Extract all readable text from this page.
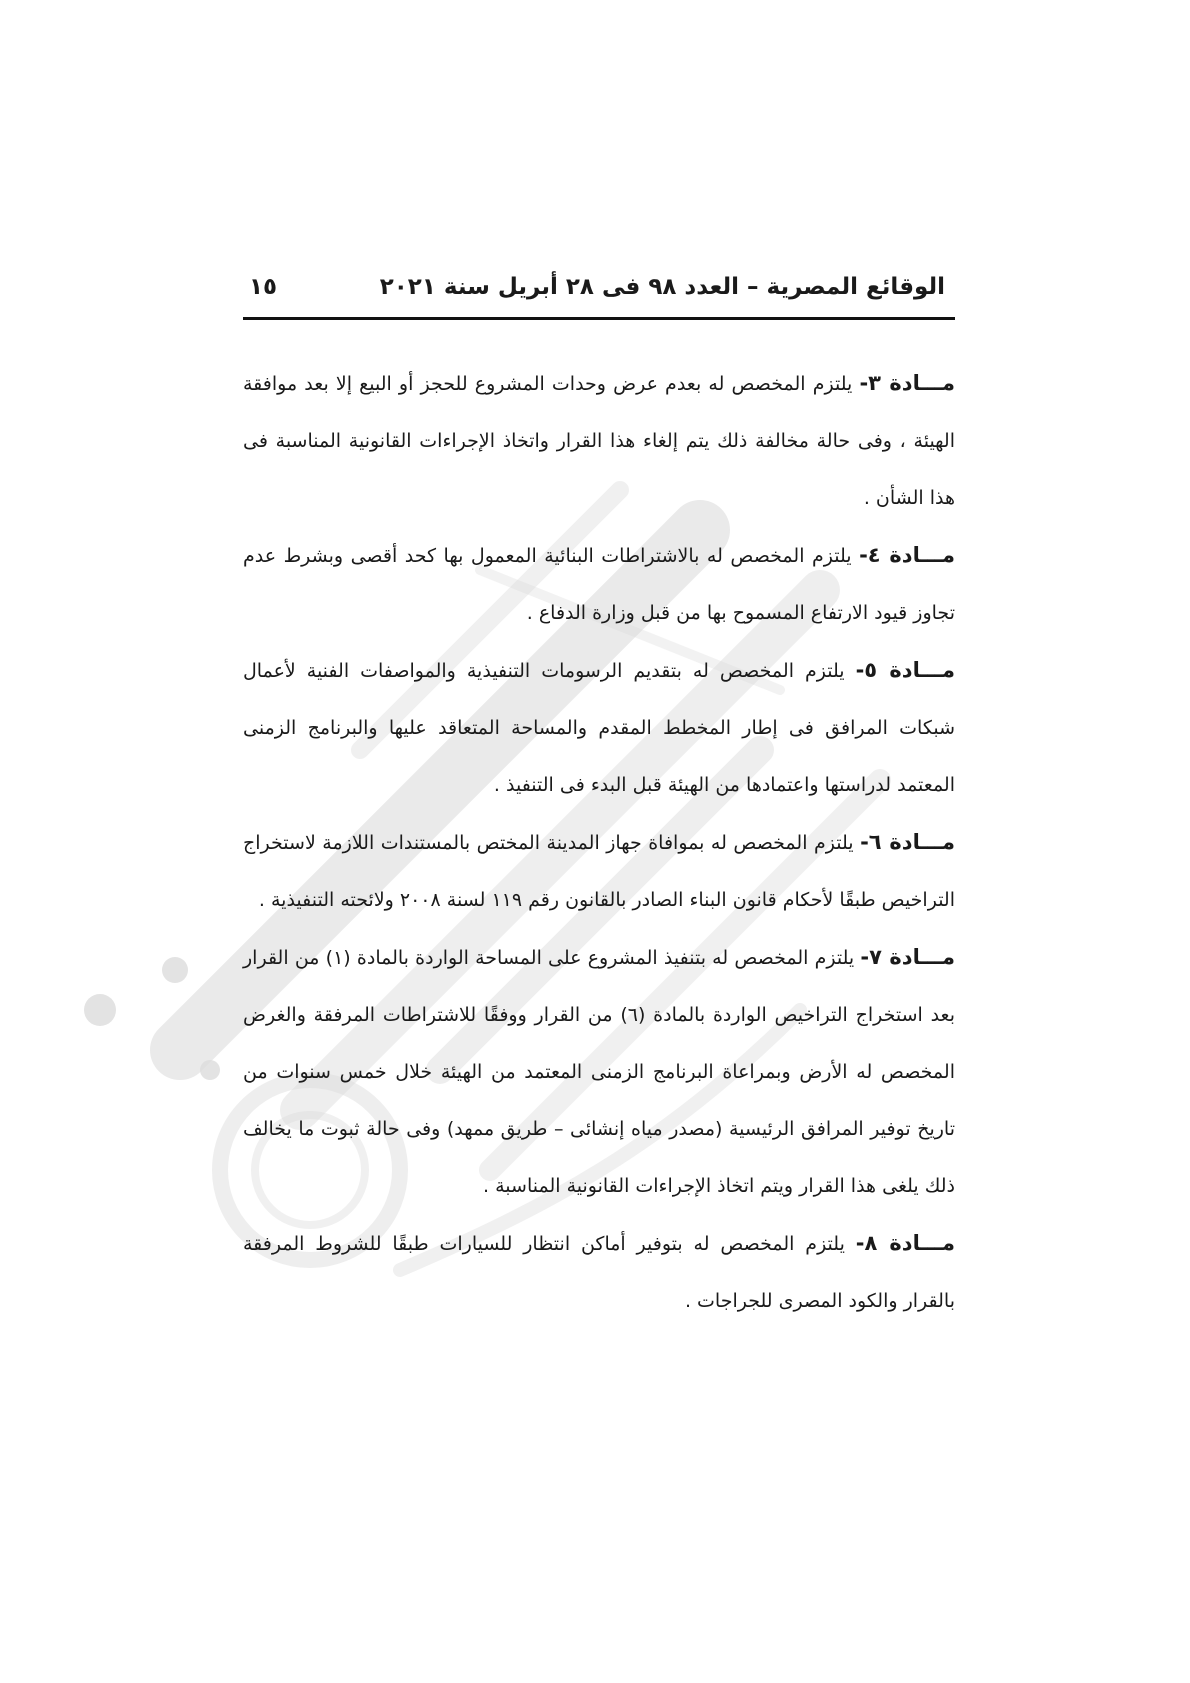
الوقائع المصرية – العدد ٩٨ فى ٢٨ أبريل سنة ٢٠٢١
١٥

مـــادة ٣- يلتزم المخصص له بعدم عرض وحدات المشروع للحجز أو البيع إلا بعد موافقة الهيئة ، وفى حالة مخالفة ذلك يتم إلغاء هذا القرار واتخاذ الإجراءات القانونية المناسبة فى هذا الشأن .

مـــادة ٤- يلتزم المخصص له بالاشتراطات البنائية المعمول بها كحد أقصى وبشرط عدم تجاوز قيود الارتفاع المسموح بها من قبل وزارة الدفاع .

مـــادة ٥- يلتزم المخصص له بتقديم الرسومات التنفيذية والمواصفات الفنية لأعمال شبكات المرافق فى إطار المخطط المقدم والمساحة المتعاقد عليها والبرنامج الزمنى المعتمد لدراستها واعتمادها من الهيئة قبل البدء فى التنفيذ .

مـــادة ٦- يلتزم المخصص له بموافاة جهاز المدينة المختص بالمستندات اللازمة لاستخراج التراخيص طبقًا لأحكام قانون البناء الصادر بالقانون رقم ١١٩ لسنة ٢٠٠٨ ولائحته التنفيذية .

مـــادة ٧- يلتزم المخصص له بتنفيذ المشروع على المساحة الواردة بالمادة (١) من القرار بعد استخراج التراخيص الواردة بالمادة (٦) من القرار ووفقًا للاشتراطات المرفقة والغرض المخصص له الأرض وبمراعاة البرنامج الزمنى المعتمد من الهيئة خلال خمس سنوات من تاريخ توفير المرافق الرئيسية (مصدر مياه إنشائى – طريق ممهد) وفى حالة ثبوت ما يخالف ذلك يلغى هذا القرار ويتم اتخاذ الإجراءات القانونية المناسبة .

مـــادة ٨- يلتزم المخصص له بتوفير أماكن انتظار للسيارات طبقًا للشروط المرفقة بالقرار والكود المصرى للجراجات .
